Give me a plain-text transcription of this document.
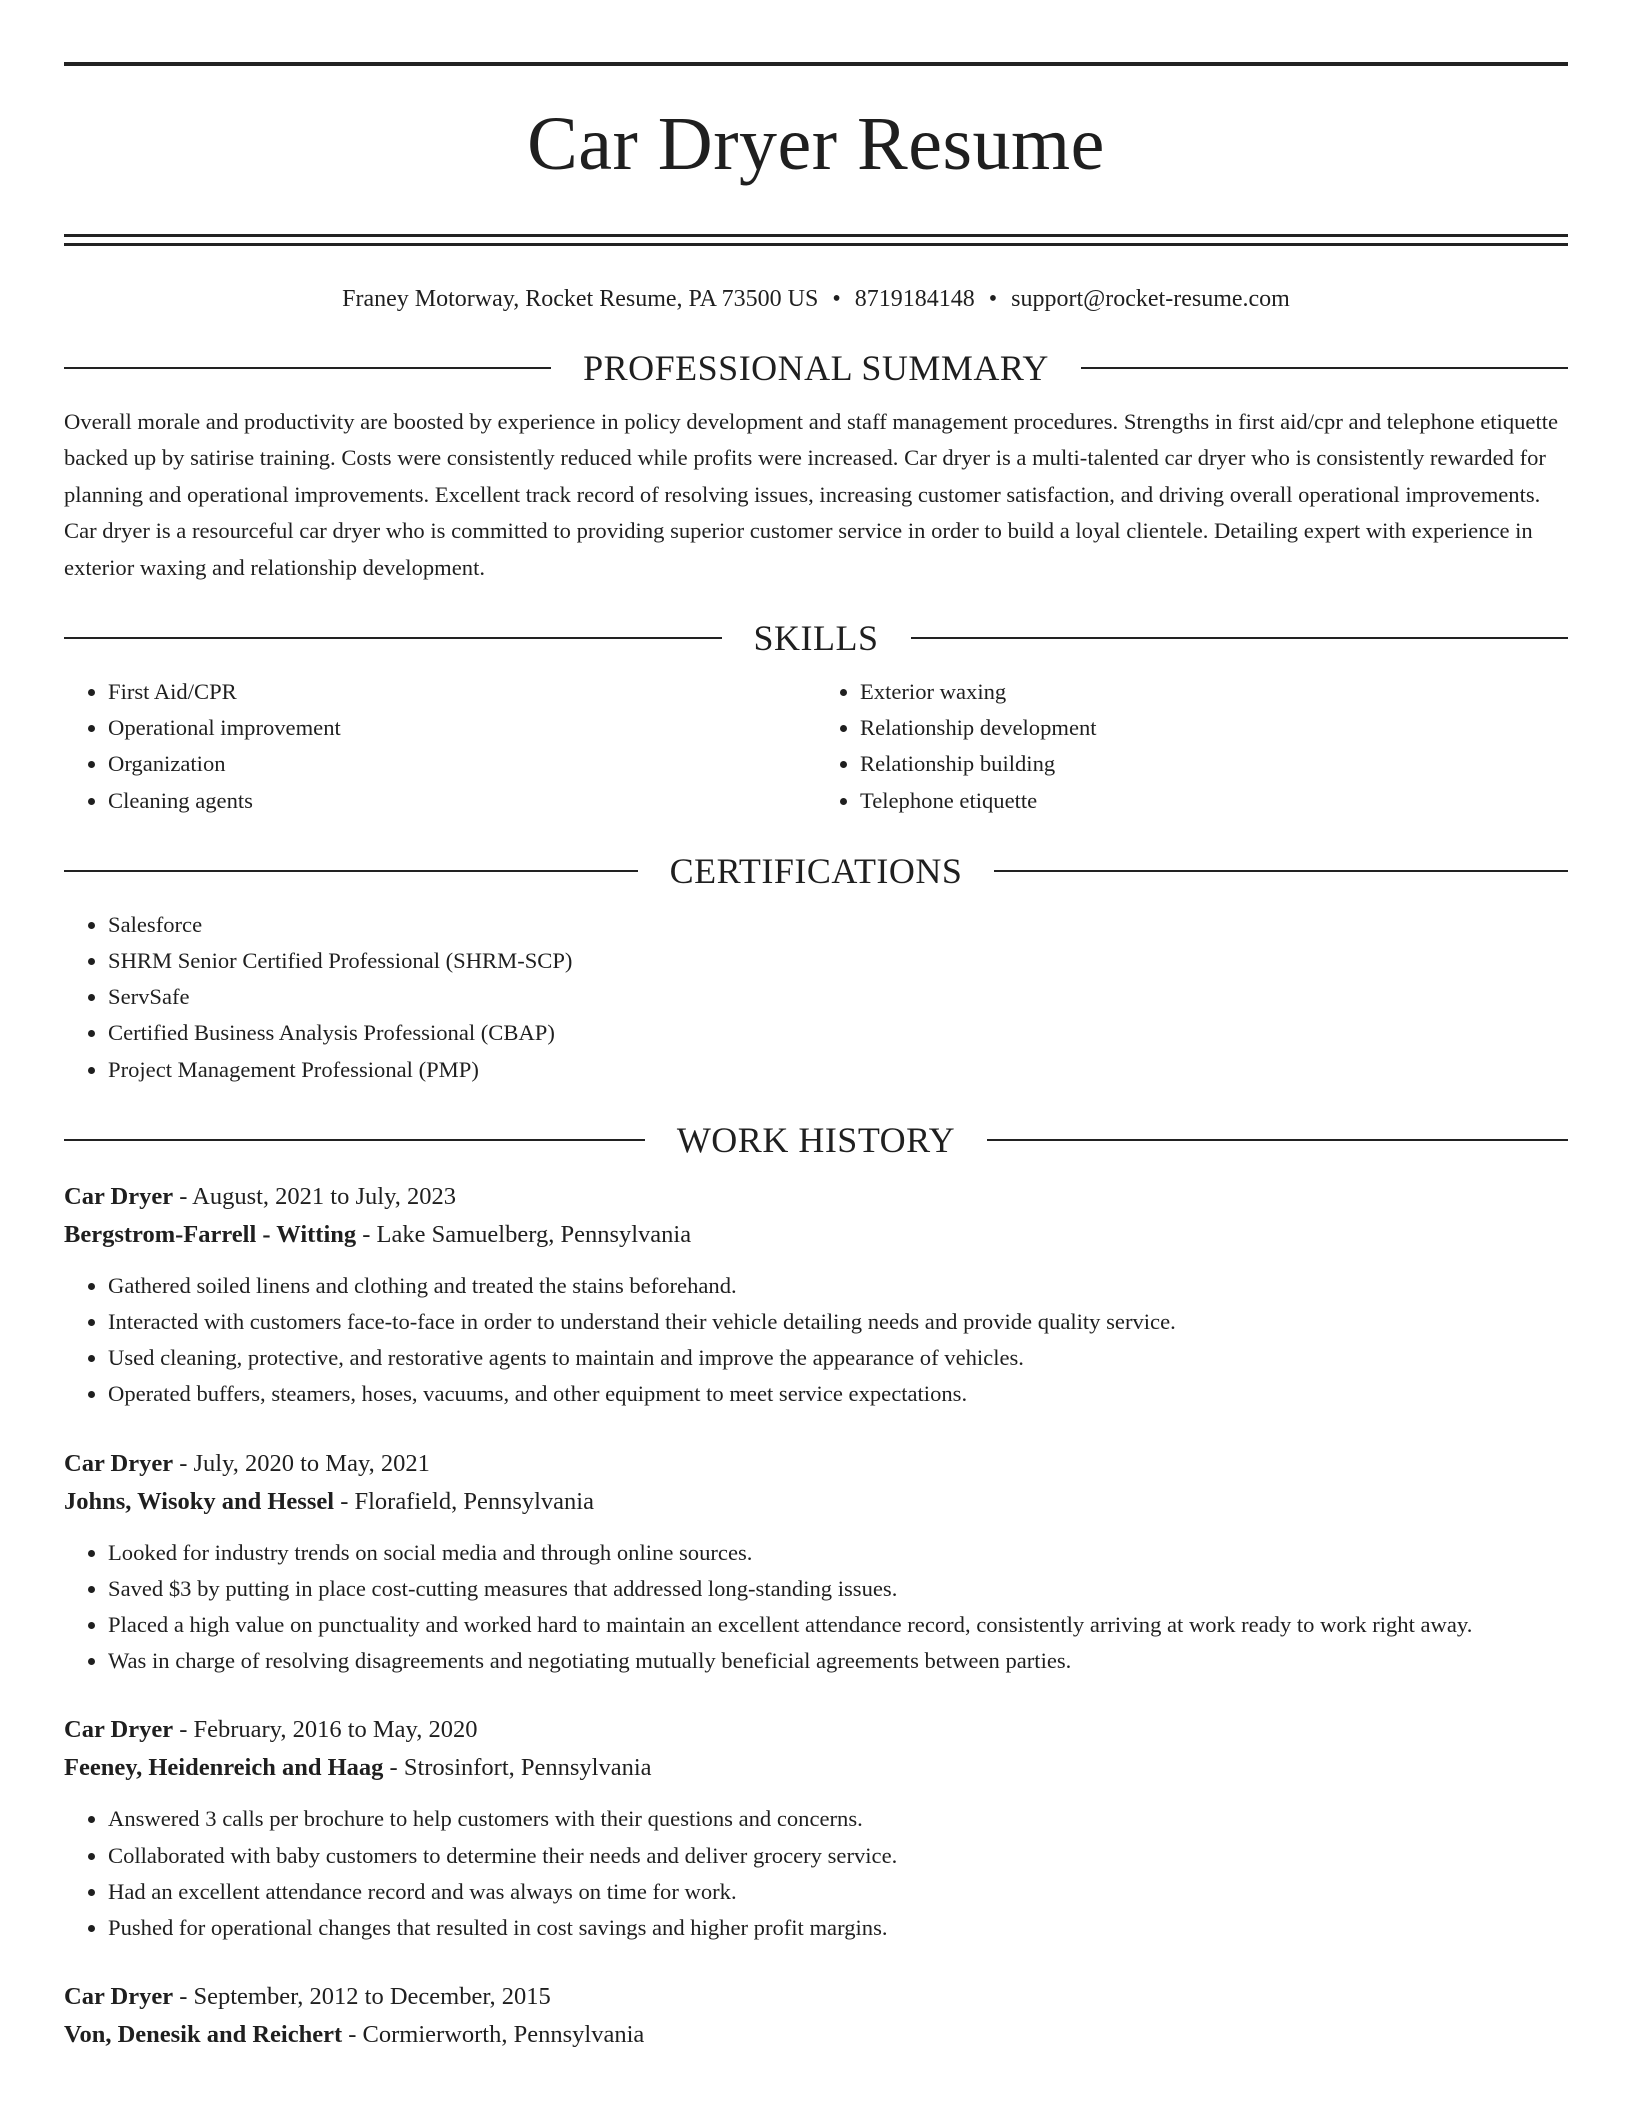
Car Dryer Resume
Franey Motorway, Rocket Resume, PA 73500 US • 8719184148 • support@rocket-resume.com
PROFESSIONAL SUMMARY

Overall morale and productivity are boosted by experience in policy development and staff management procedures. Strengths in first aid/cpr and telephone etiquette backed up by satirise training. Costs were consistently reduced while profits were increased. Car dryer is a multi-talented car dryer who is consistently rewarded for planning and operational improvements. Excellent track record of resolving issues, increasing customer satisfaction, and driving overall operational improvements. Car dryer is a resourceful car dryer who is committed to providing superior customer service in order to build a loyal clientele. Detailing expert with experience in exterior waxing and relationship development.

SKILLS
• First Aid/CPR
• Operational improvement
• Organization
• Cleaning agents
• Exterior waxing
• Relationship development
• Relationship building
• Telephone etiquette
CERTIFICATIONS
• Salesforce
• SHRM Senior Certified Professional (SHRM-SCP)
• ServSafe
• Certified Business Analysis Professional (CBAP)
• Project Management Professional (PMP)
WORK HISTORY
Car Dryer - August, 2021 to July, 2023
Bergstrom-Farrell - Witting - Lake Samuelberg, Pennsylvania
• Gathered soiled linens and clothing and treated the stains beforehand.
• Interacted with customers face-to-face in order to understand their vehicle detailing needs and provide quality service.
• Used cleaning, protective, and restorative agents to maintain and improve the appearance of vehicles.
• Operated buffers, steamers, hoses, vacuums, and other equipment to meet service expectations.
Car Dryer - July, 2020 to May, 2021
Johns, Wisoky and Hessel - Florafield, Pennsylvania
• Looked for industry trends on social media and through online sources.
• Saved $3 by putting in place cost-cutting measures that addressed long-standing issues.
• Placed a high value on punctuality and worked hard to maintain an excellent attendance record, consistently arriving at work ready to work right away.
• Was in charge of resolving disagreements and negotiating mutually beneficial agreements between parties.
Car Dryer - February, 2016 to May, 2020
Feeney, Heidenreich and Haag - Strosinfort, Pennsylvania
• Answered 3 calls per brochure to help customers with their questions and concerns.
• Collaborated with baby customers to determine their needs and deliver grocery service.
• Had an excellent attendance record and was always on time for work.
• Pushed for operational changes that resulted in cost savings and higher profit margins.
Car Dryer - September, 2012 to December, 2015
Von, Denesik and Reichert - Cormierworth, Pennsylvania
